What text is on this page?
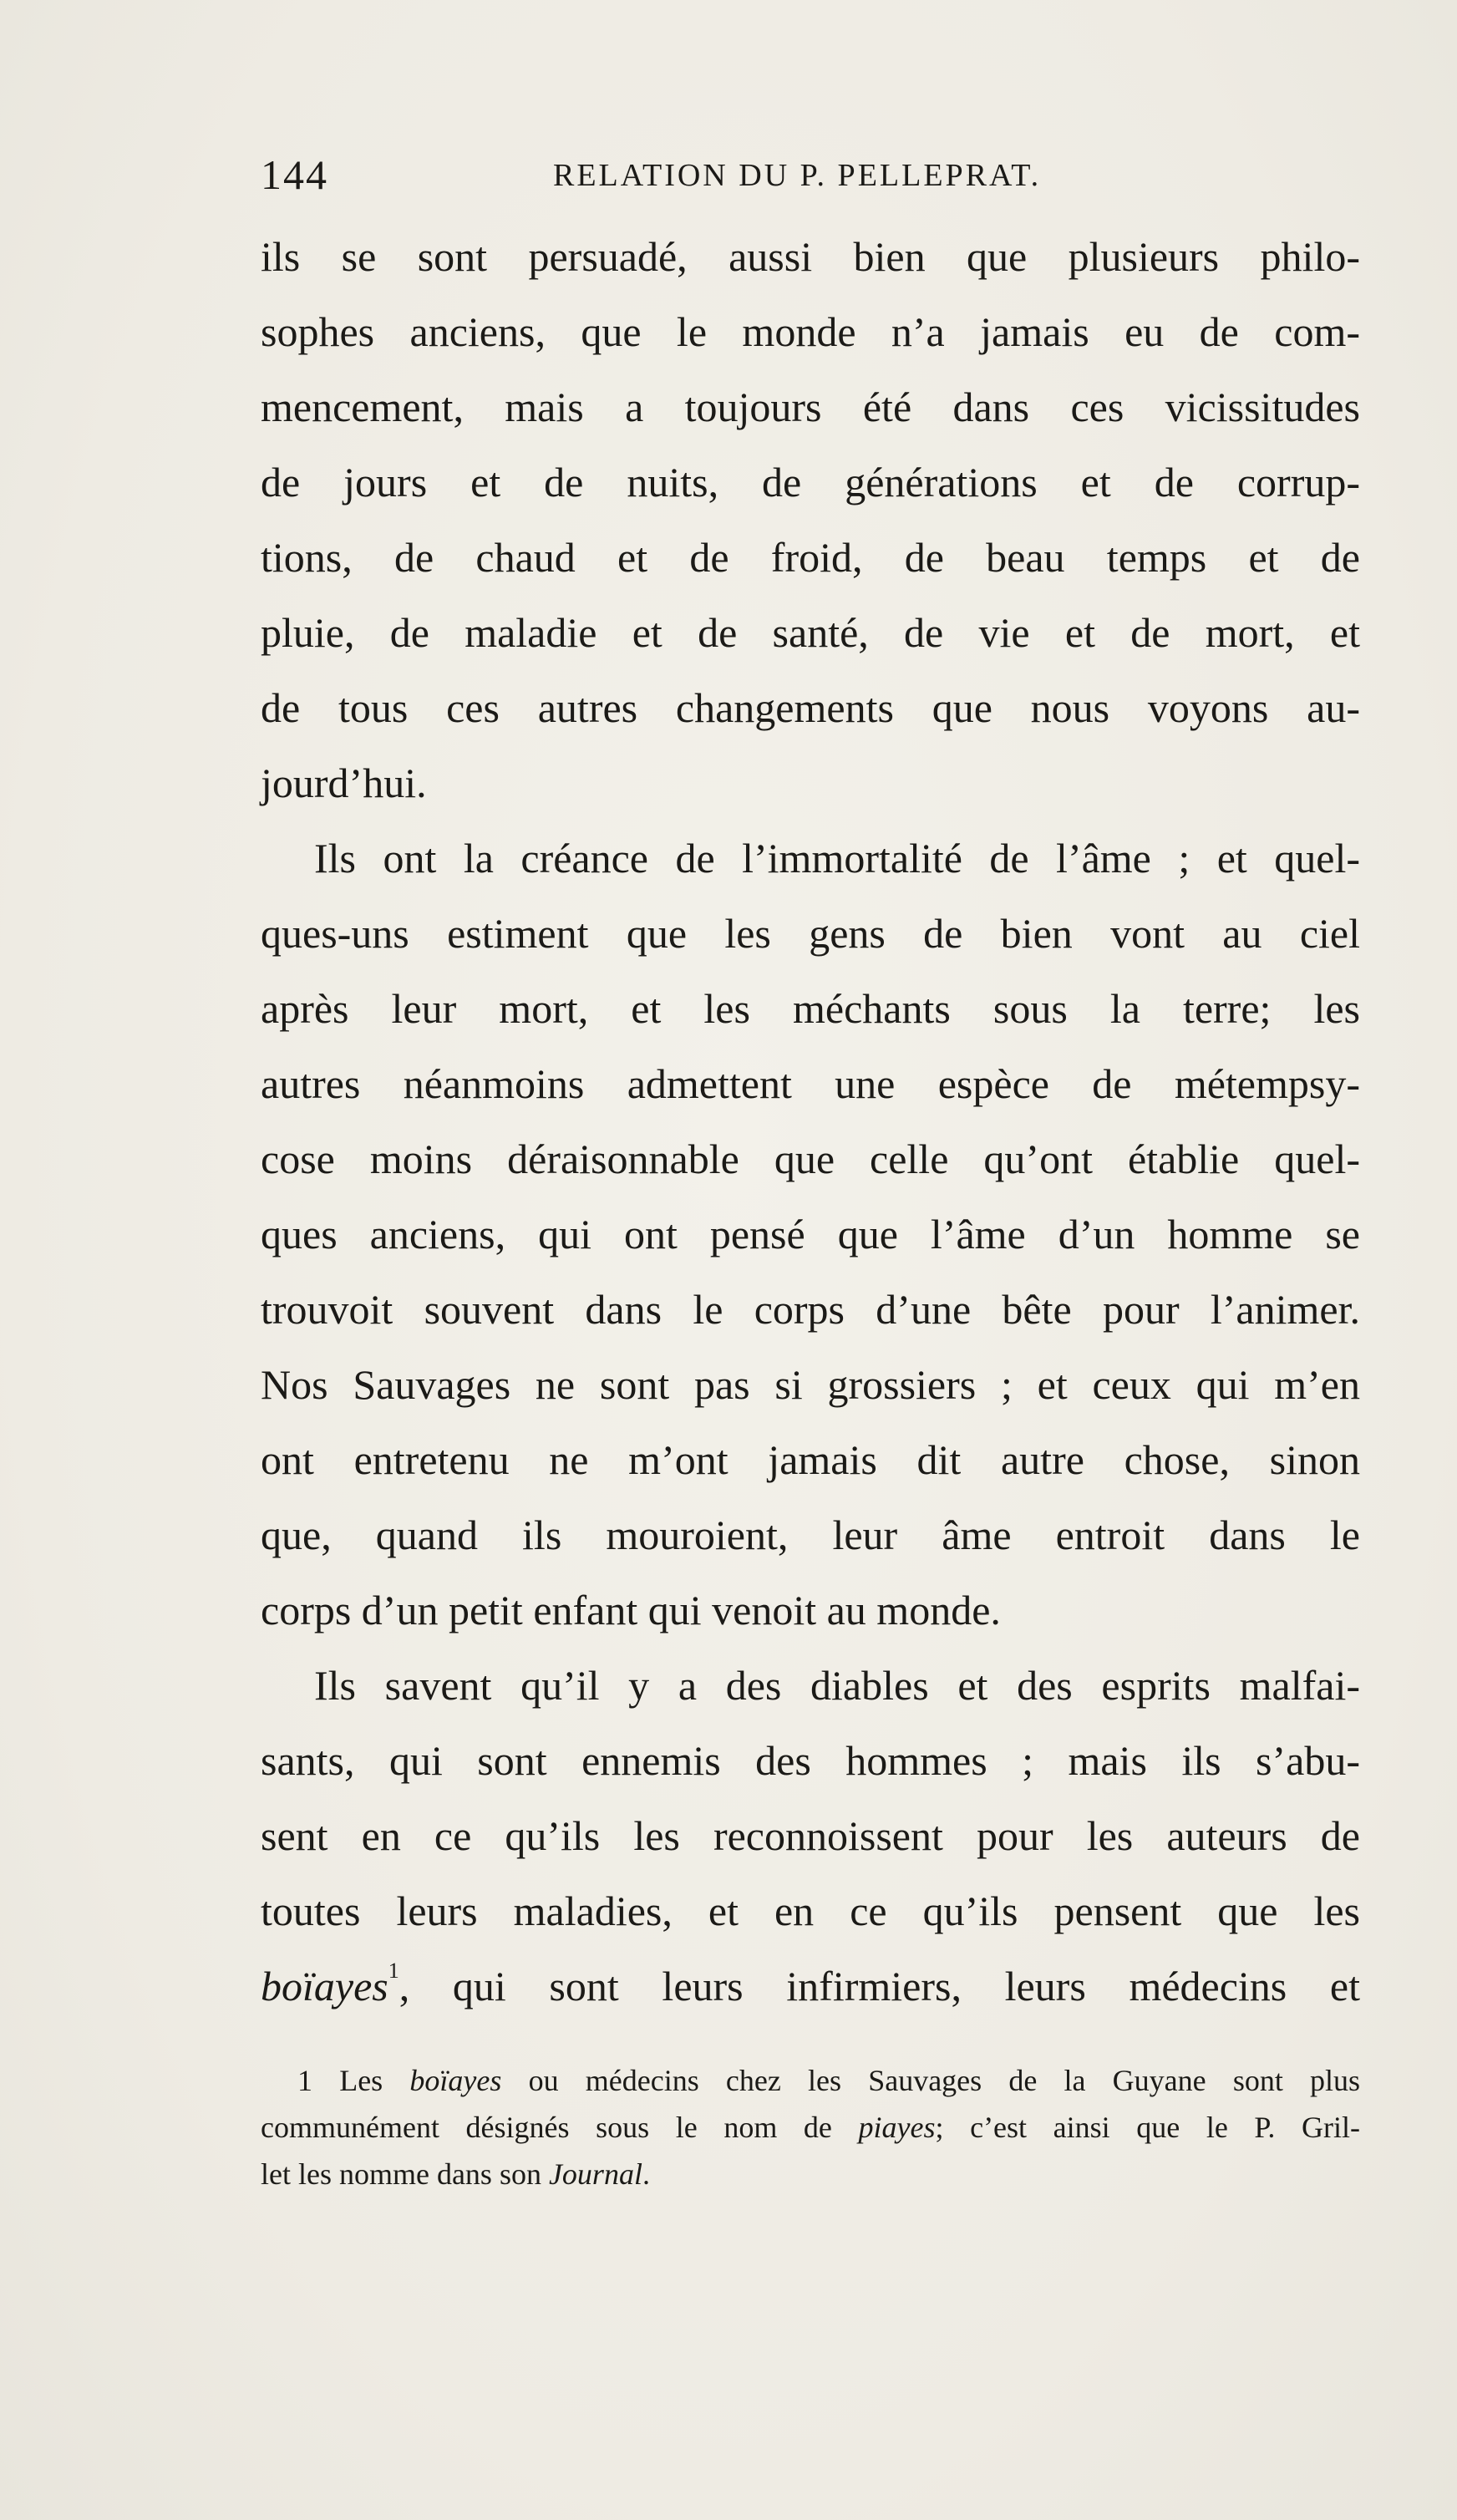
144	RELATION DU P. PELLEPRAT.
ils se sont persuadé, aussi bien que plusieurs philo-
sophes anciens, que le monde n’a jamais eu de com-
mencement, mais a toujours été dans ces vicissitudes
de jours et de nuits, de générations et de corrup-
tions, de chaud et de froid, de beau temps et de
pluie, de maladie et de santé, de vie et de mort, et
de tous ces autres changements que nous voyons au-
jourd’hui.
Ils ont la créance de l’immortalité de l’âme ; et quel-
ques-uns estiment que les gens de bien vont au ciel
après leur mort, et les méchants sous la terre; les
autres néanmoins admettent une espèce de métempsy-
cose moins déraisonnable que celle qu’ont établie quel-
ques anciens, qui ont pensé que l’âme d’un homme se
trouvoit souvent dans le corps d’une bête pour l’animer.
Nos Sauvages ne sont pas si grossiers ; et ceux qui m’en
ont entretenu ne m’ont jamais dit autre chose, sinon
que, quand ils mouroient, leur âme entroit dans le
corps d’un petit enfant qui venoit au monde.
Ils savent qu’il y a des diables et des esprits malfai-
sants, qui sont ennemis des hommes ; mais ils s’abu-
sent en ce qu’ils les reconnoissent pour les auteurs de
toutes leurs maladies, et en ce qu’ils pensent que les
boïayes$^1$, qui sont leurs infirmiers, leurs médecins et
1 Les boïayes ou médecins chez les Sauvages de la Guyane sont plus
communément désignés sous le nom de piayes; c’est ainsi que le P. Gril-
let les nomme dans son Journal.
